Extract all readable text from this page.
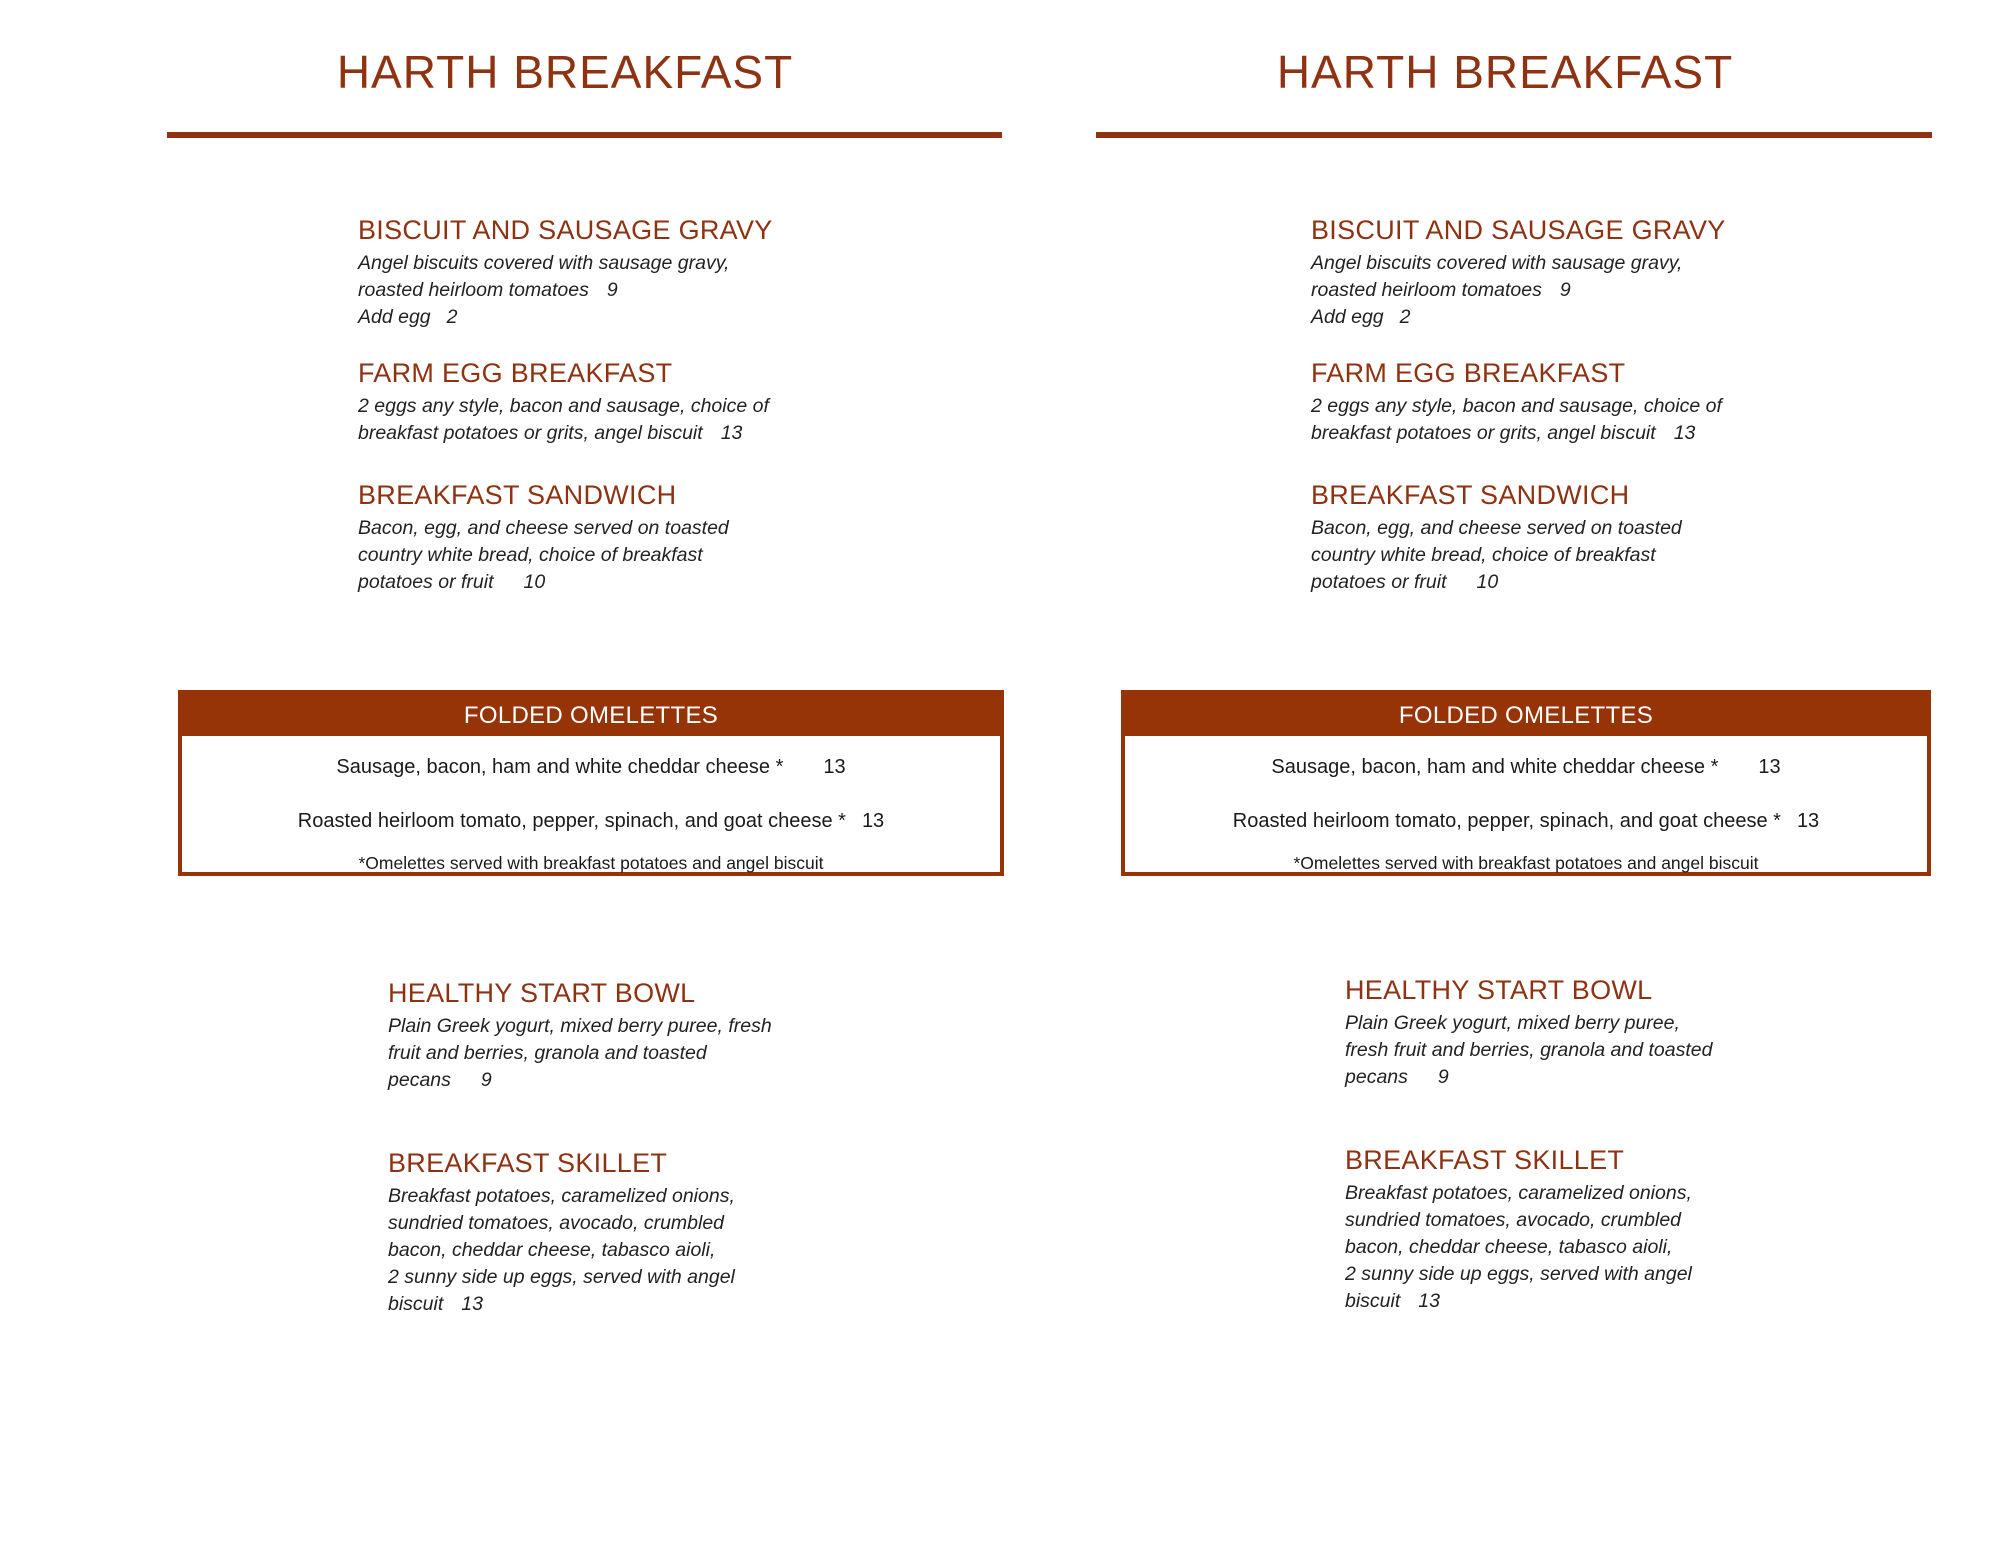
HARTH BREAKFAST
BISCUIT AND SAUSAGE GRAVY

Angel biscuits covered with sausage gravy,
roasted heirloom tomatoes 9
Add egg 2

FARM EGG BREAKFAST

2 eggs any style, bacon and sausage, choice of
breakfast potatoes or grits, angel biscuit 13

BREAKFAST SANDWICH

Bacon, egg, and cheese served on toasted
country white bread, choice of breakfast
potatoes or fruit 10

FOLDED OMELETTES
Sausage, bacon, ham and white cheddar cheese * 13
Roasted heirloom tomato, pepper, spinach, and goat cheese * 13
*Omelettes served with breakfast potatoes and angel biscuit
HEALTHY START BOWL

Plain Greek yogurt, mixed berry puree, fresh
fruit and berries, granola and toasted
pecans 9

BREAKFAST SKILLET

Breakfast potatoes, caramelized onions,
sundried tomatoes, avocado, crumbled
bacon, cheddar cheese, tabasco aioli,
2 sunny side up eggs, served with angel
biscuit 13

HARTH BREAKFAST
BISCUIT AND SAUSAGE GRAVY

Angel biscuits covered with sausage gravy,
roasted heirloom tomatoes 9
Add egg 2

FARM EGG BREAKFAST

2 eggs any style, bacon and sausage, choice of
breakfast potatoes or grits, angel biscuit 13

BREAKFAST SANDWICH

Bacon, egg, and cheese served on toasted
country white bread, choice of breakfast
potatoes or fruit 10

FOLDED OMELETTES
Sausage, bacon, ham and white cheddar cheese * 13
Roasted heirloom tomato, pepper, spinach, and goat cheese * 13
*Omelettes served with breakfast potatoes and angel biscuit
HEALTHY START BOWL

Plain Greek yogurt, mixed berry puree,
fresh fruit and berries, granola and toasted
pecans 9

BREAKFAST SKILLET

Breakfast potatoes, caramelized onions,
sundried tomatoes, avocado, crumbled
bacon, cheddar cheese, tabasco aioli,
2 sunny side up eggs, served with angel
biscuit 13
